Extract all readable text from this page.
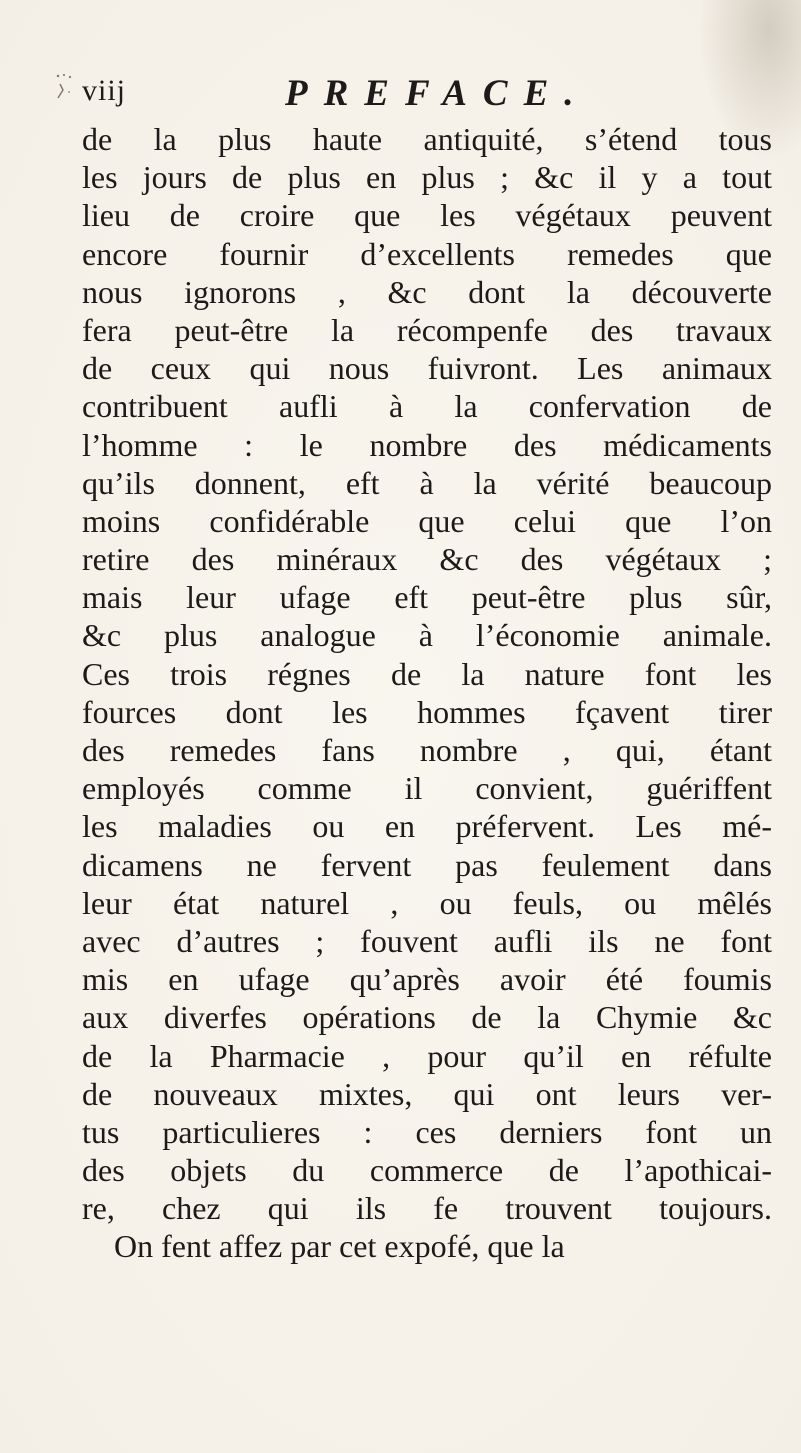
viij	PREFACE.
de la plus haute antiquité, s’étend tous
les jours de plus en plus ; &c il y a tout
lieu de croire que les végétaux peuvent
encore fournir d’excellents remedes que
nous ignorons , &c dont la découverte
fera peut-être la récompenfe des travaux
de ceux qui nous fuivront. Les animaux
contribuent aufli à la confervation de
l’homme : le nombre des médicaments
qu’ils donnent, eft à la vérité beaucoup
moins confidérable que celui que l’on
retire des minéraux &c des végétaux ;
mais leur ufage eft peut-être plus sûr,
&c plus analogue à l’économie animale.
Ces trois régnes de la nature font les
fources dont les hommes fçavent tirer
des remedes fans nombre , qui, étant
employés comme il convient, guériffent
les maladies ou en préfervent. Les mé-
dicamens ne fervent pas feulement dans
leur état naturel , ou feuls, ou mêlés
avec d’autres ; fouvent aufli ils ne font
mis en ufage qu’après avoir été foumis
aux diverfes opérations de la Chymie &c
de la Pharmacie , pour qu’il en réfulte
de nouveaux mixtes, qui ont leurs ver-
tus particulieres : ces derniers font un
des objets du commerce de l’apothicai-
re, chez qui ils fe trouvent toujours.
On fent affez par cet expofé, que la
